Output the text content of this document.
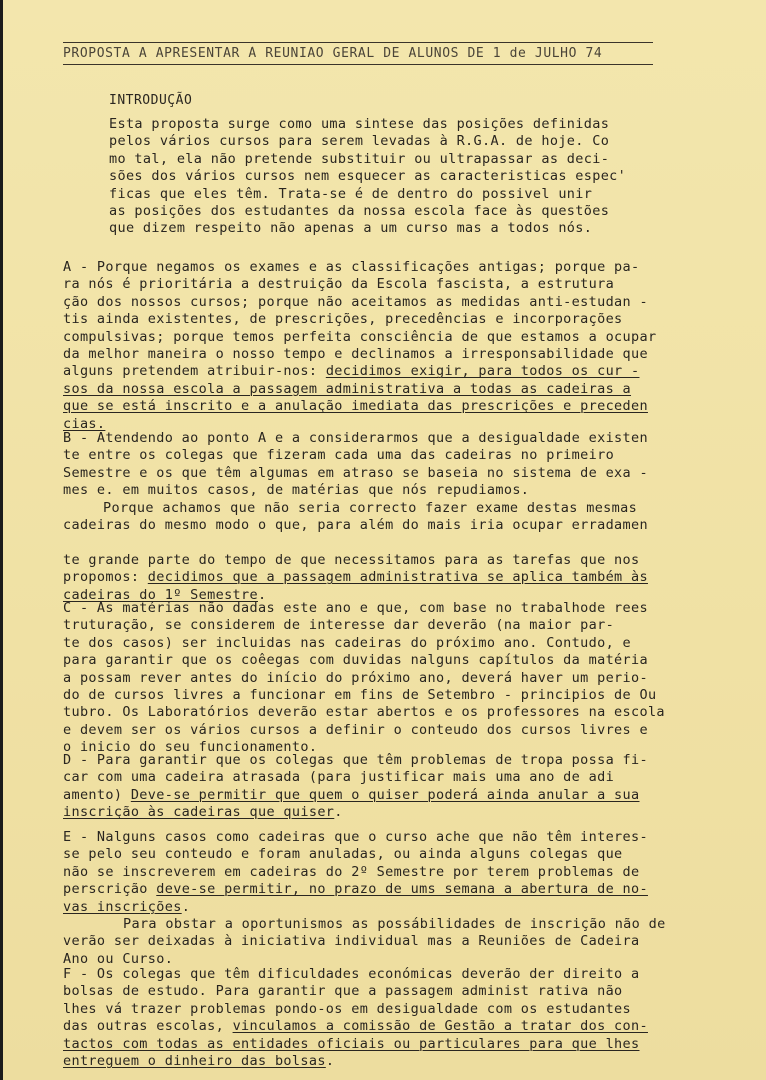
PROPOSTA A APRESENTAR À REUNIÃO GERAL DE ALUNOS DE 1 de JULHO 74
INTRODUÇÃO
Esta proposta surge como uma sintese das posições definidas
pelos vários cursos para serem levadas à R.G.A. de hoje. Co
mo tal, ela não pretende substituir ou ultrapassar as deci-
sões dos vários cursos nem esquecer as caracteristicas espec'
ficas que eles têm. Trata-se é de dentro do possivel unir
as posições dos estudantes da nossa escola face às questões
que dizem respeito não apenas a um curso mas a todos nós.
A - Porque negamos os exames e as classificações antigas; porque pa-
ra nós é prioritária a destruição da Escola fascista, a estrutura
ção dos nossos cursos; porque não aceitamos as medidas anti-estudan -
tis ainda existentes, de prescrições, precedências e incorporações
compulsivas; porque temos perfeita consciência de que estamos a ocupar
da melhor maneira o nosso tempo e declinamos a irresponsabilidade que
alguns pretendem atribuir-nos: decidimos exigir, para todos os cur -
sos da nossa escola a passagem administrativa a todas as cadeiras a
que se está inscrito e a anulação imediata das prescrições e preceden
cias.
B - Atendendo ao ponto A e a considerarmos que a desigualdade existen
te entre os colegas que fizeram cada uma das cadeiras no primeiro
Semestre e os que têm algumas em atraso se baseia no sistema de exa -
mes e. em muitos casos, de matérias que nós repudiamos.
Porque achamos que não seria correcto fazer exame destas mesmas
cadeiras do mesmo modo o que, para além do mais iria ocupar erradamen
te grande parte do tempo de que necessitamos para as tarefas que nos
propomos: decidimos que a passagem administrativa se aplica também às
cadeiras do 1º Semestre.
C - As matérias não dadas este ano e que, com base no trabalhode rees
truturação, se considerem de interesse dar deverão (na maior par-
te dos casos) ser incluidas nas cadeiras do próximo ano. Contudo, e
para garantir que os coêegas com duvidas nalguns capítulos da matéria
a possam rever antes do início do próximo ano, deverá haver um perio-
do de cursos livres a funcionar em fins de Setembro - principios de Ou
tubro. Os Laboratórios deverão estar abertos e os professores na escola
e devem ser os vários cursos a definir o conteudo dos cursos livres e
o inicio do seu funcionamento.
D - Para garantir que os colegas que têm problemas de tropa possa fi-
car com uma cadeira atrasada (para justificar mais uma ano de adi
amento) Deve-se permitir que quem o quiser poderá ainda anular a sua
inscrição às cadeiras que quiser.
E - Nalguns casos como cadeiras que o curso ache que não têm interes-
se pelo seu conteudo e foram anuladas, ou ainda alguns colegas que
não se inscreverem em cadeiras do 2º Semestre por terem problemas de
perscrição deve-se permitir, no prazo de ums semana a abertura de no-
vas inscrições.
Para obstar a oportunismos as possábilidades de inscrição não de
verão ser deixadas à iniciativa individual mas a Reuniões de Cadeira
Ano ou Curso.
F - Os colegas que têm dificuldades económicas deverão der direito a
bolsas de estudo. Para garantir que a passagem administ rativa não
lhes vá trazer problemas pondo-os em desigualdade com os estudantes
das outras escolas, vinculamos a comissão de Gestão a tratar dos con-
tactos com todas as entidades oficiais ou particulares para que lhes
entreguem o dinheiro das bolsas.
